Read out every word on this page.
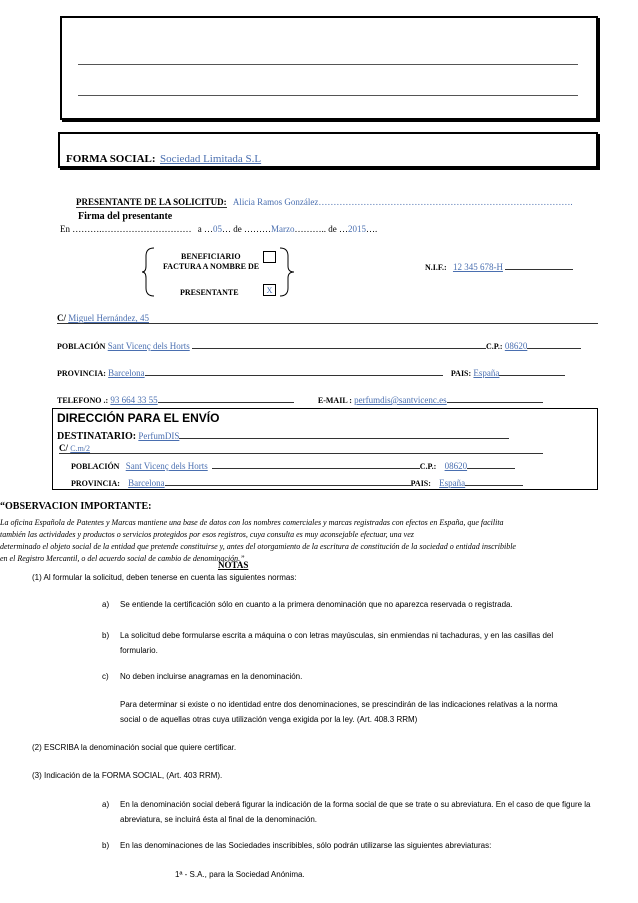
FORMA SOCIAL: Sociedad Limitada S.L
PRESENTANTE DE LA SOLICITUD: Alicia Ramos González………………………………………………………………………….
Firma del presentante
En ……….………………………… a …05… de ………Marzo……….. de …2015….
BENEFICIARIO
FACTURA A NOMBRE DE
PRESENTANTE	X
N.I.F.: 12 345 678-H
C/ Miguel Hernández, 45
POBLACIÓN Sant Vicenç dels Horts	C.P.: 08620
PROVINCIA: Barcelona	PAIS: España
TELEFONO .: 93 664 33 55	E-MAIL : perfumdis@santvicenc.es
DIRECCIÓN PARA EL ENVÍO
DESTINATARIO: PerfumDIS
C/ C.m/2
POBLACIÓN Sant Vicenç dels Horts	C.P.: 08620
PROVINCIA: Barcelona	PAIS: España
“OBSERVACION IMPORTANTE:
La oficina Española de Patentes y Marcas mantiene una base de datos con los nombres comerciales y marcas registradas con efectos en España, que facilita
también las actividades y productos o servicios protegidos por esos registros, cuya consulta es muy aconsejable efectuar, una vez
determinado el objeto social de la entidad que pretende constituirse y, antes del otorgamiento de la escritura de constitución de la sociedad o entidad inscribible
en el Registro Mercantil, o del acuerdo social de cambio de denominación.”
NOTAS
(1) Al formular la solicitud, deben tenerse en cuenta las siguientes normas:
a) Se entiende la certificación sólo en cuanto a la primera denominación que no aparezca reservada o registrada.
b) La solicitud debe formularse escrita a máquina o con letras mayúsculas, sin enmiendas ni tachaduras, y en las casillas del
formulario.
c) No deben incluirse anagramas en la denominación.
Para determinar si existe o no identidad entre dos denominaciones, se prescindirán de las indicaciones relativas a la norma
social o de aquellas otras cuya utilización venga exigida por la ley. (Art. 408.3 RRM)
(2) ESCRIBA la denominación social que quiere certificar.
(3) Indicación de la FORMA SOCIAL, (Art. 403 RRM).
a) En la denominación social deberá figurar la indicación de la forma social de que se trate o su abreviatura. En el caso de que figure la
abreviatura, se incluirá ésta al final de la denominación.
b) En las denominaciones de las Sociedades inscribibles, sólo podrán utilizarse las siguientes abreviaturas:
1ª - S.A., para la Sociedad Anónima.
